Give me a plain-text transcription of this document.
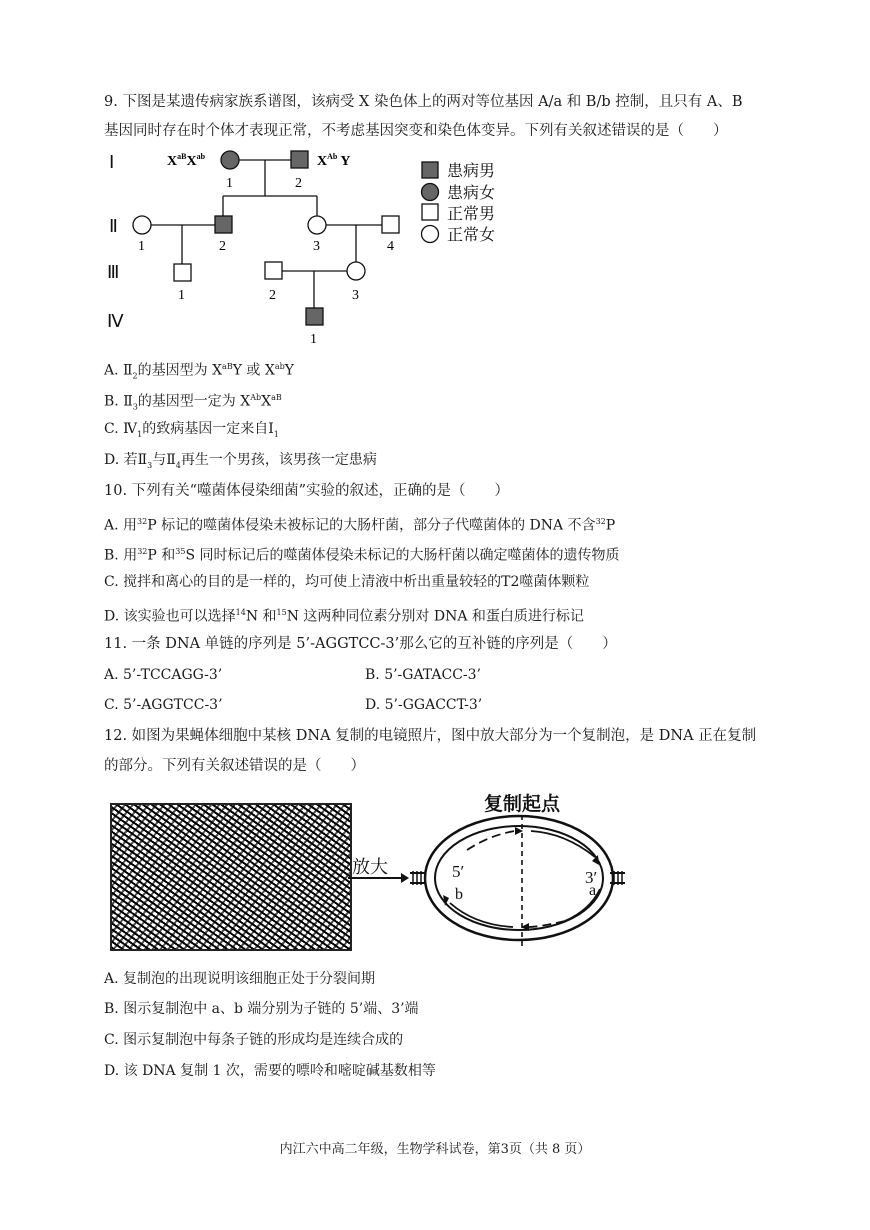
9. 下图是某遗传病家族系谱图，该病受 X 染色体上的两对等位基因 A/a 和 B/b 控制，且只有 A、B
基因同时存在时个体才表现正常，不考虑基因突变和染色体变异。下列有关叙述错误的是（　　）
Ⅰ
Ⅱ
Ⅲ
Ⅳ
$X^{aB}X^{ab}$	$X^{Ab}$ Y
1	2
1	2	3	4
1	3
2
1
患病男
患病女
正常男
正常女
A. $Ⅱ_2$的基因型为 $X^{aB}Y$ 或 $X^{ab}Y$
B. $Ⅱ_3$的基因型一定为 $X^{Ab}X^{aB}$
C. $Ⅳ_1$的致病基因一定来自$Ⅰ_1$
D. 若$Ⅱ_3$与$Ⅱ_4$再生一个男孩，该男孩一定患病
10. 下列有关“噬菌体侵染细菌”实验的叙述，正确的是（　　）
A. 用$^{32}$P 标记的噬菌体侵染未被标记的大肠杆菌，部分子代噬菌体的 DNA 不含$^{32}$P
B. 用$^{32}$P 和$^{35}$S 同时标记后的噬菌体侵染未标记的大肠杆菌以确定噬菌体的遗传物质
C. 搅拌和离心的目的是一样的，均可使上清液中析出重量较轻的T2噬菌体颗粒
D. 该实验也可以选择$^{14}$N 和$^{15}$N 这两种同位素分别对 DNA 和蛋白质进行标记
11. 一条 DNA 单链的序列是 5’-AGGTCC-3’那么它的互补链的序列是（　　）
A. 5’-TCCAGG-3’	B. 5’-GATACC-3’
C. 5’-AGGTCC-3’	D. 5’-GGACCT-3’
12. 如图为果蝇体细胞中某核 DNA 复制的电镜照片，图中放大部分为一个复制泡，是 DNA 正在复制
的部分。下列有关叙述错误的是（　　）
复制起点
放大	5′
b
3′
a
A. 复制泡的出现说明该细胞正处于分裂间期
B. 图示复制泡中 a、b 端分别为子链的 5’端、3’端
C. 图示复制泡中每条子链的形成均是连续合成的
D. 该 DNA 复制 1 次，需要的嘌呤和嘧啶碱基数相等
内江六中高二年级，生物学科试卷，第3页（共 8 页）
